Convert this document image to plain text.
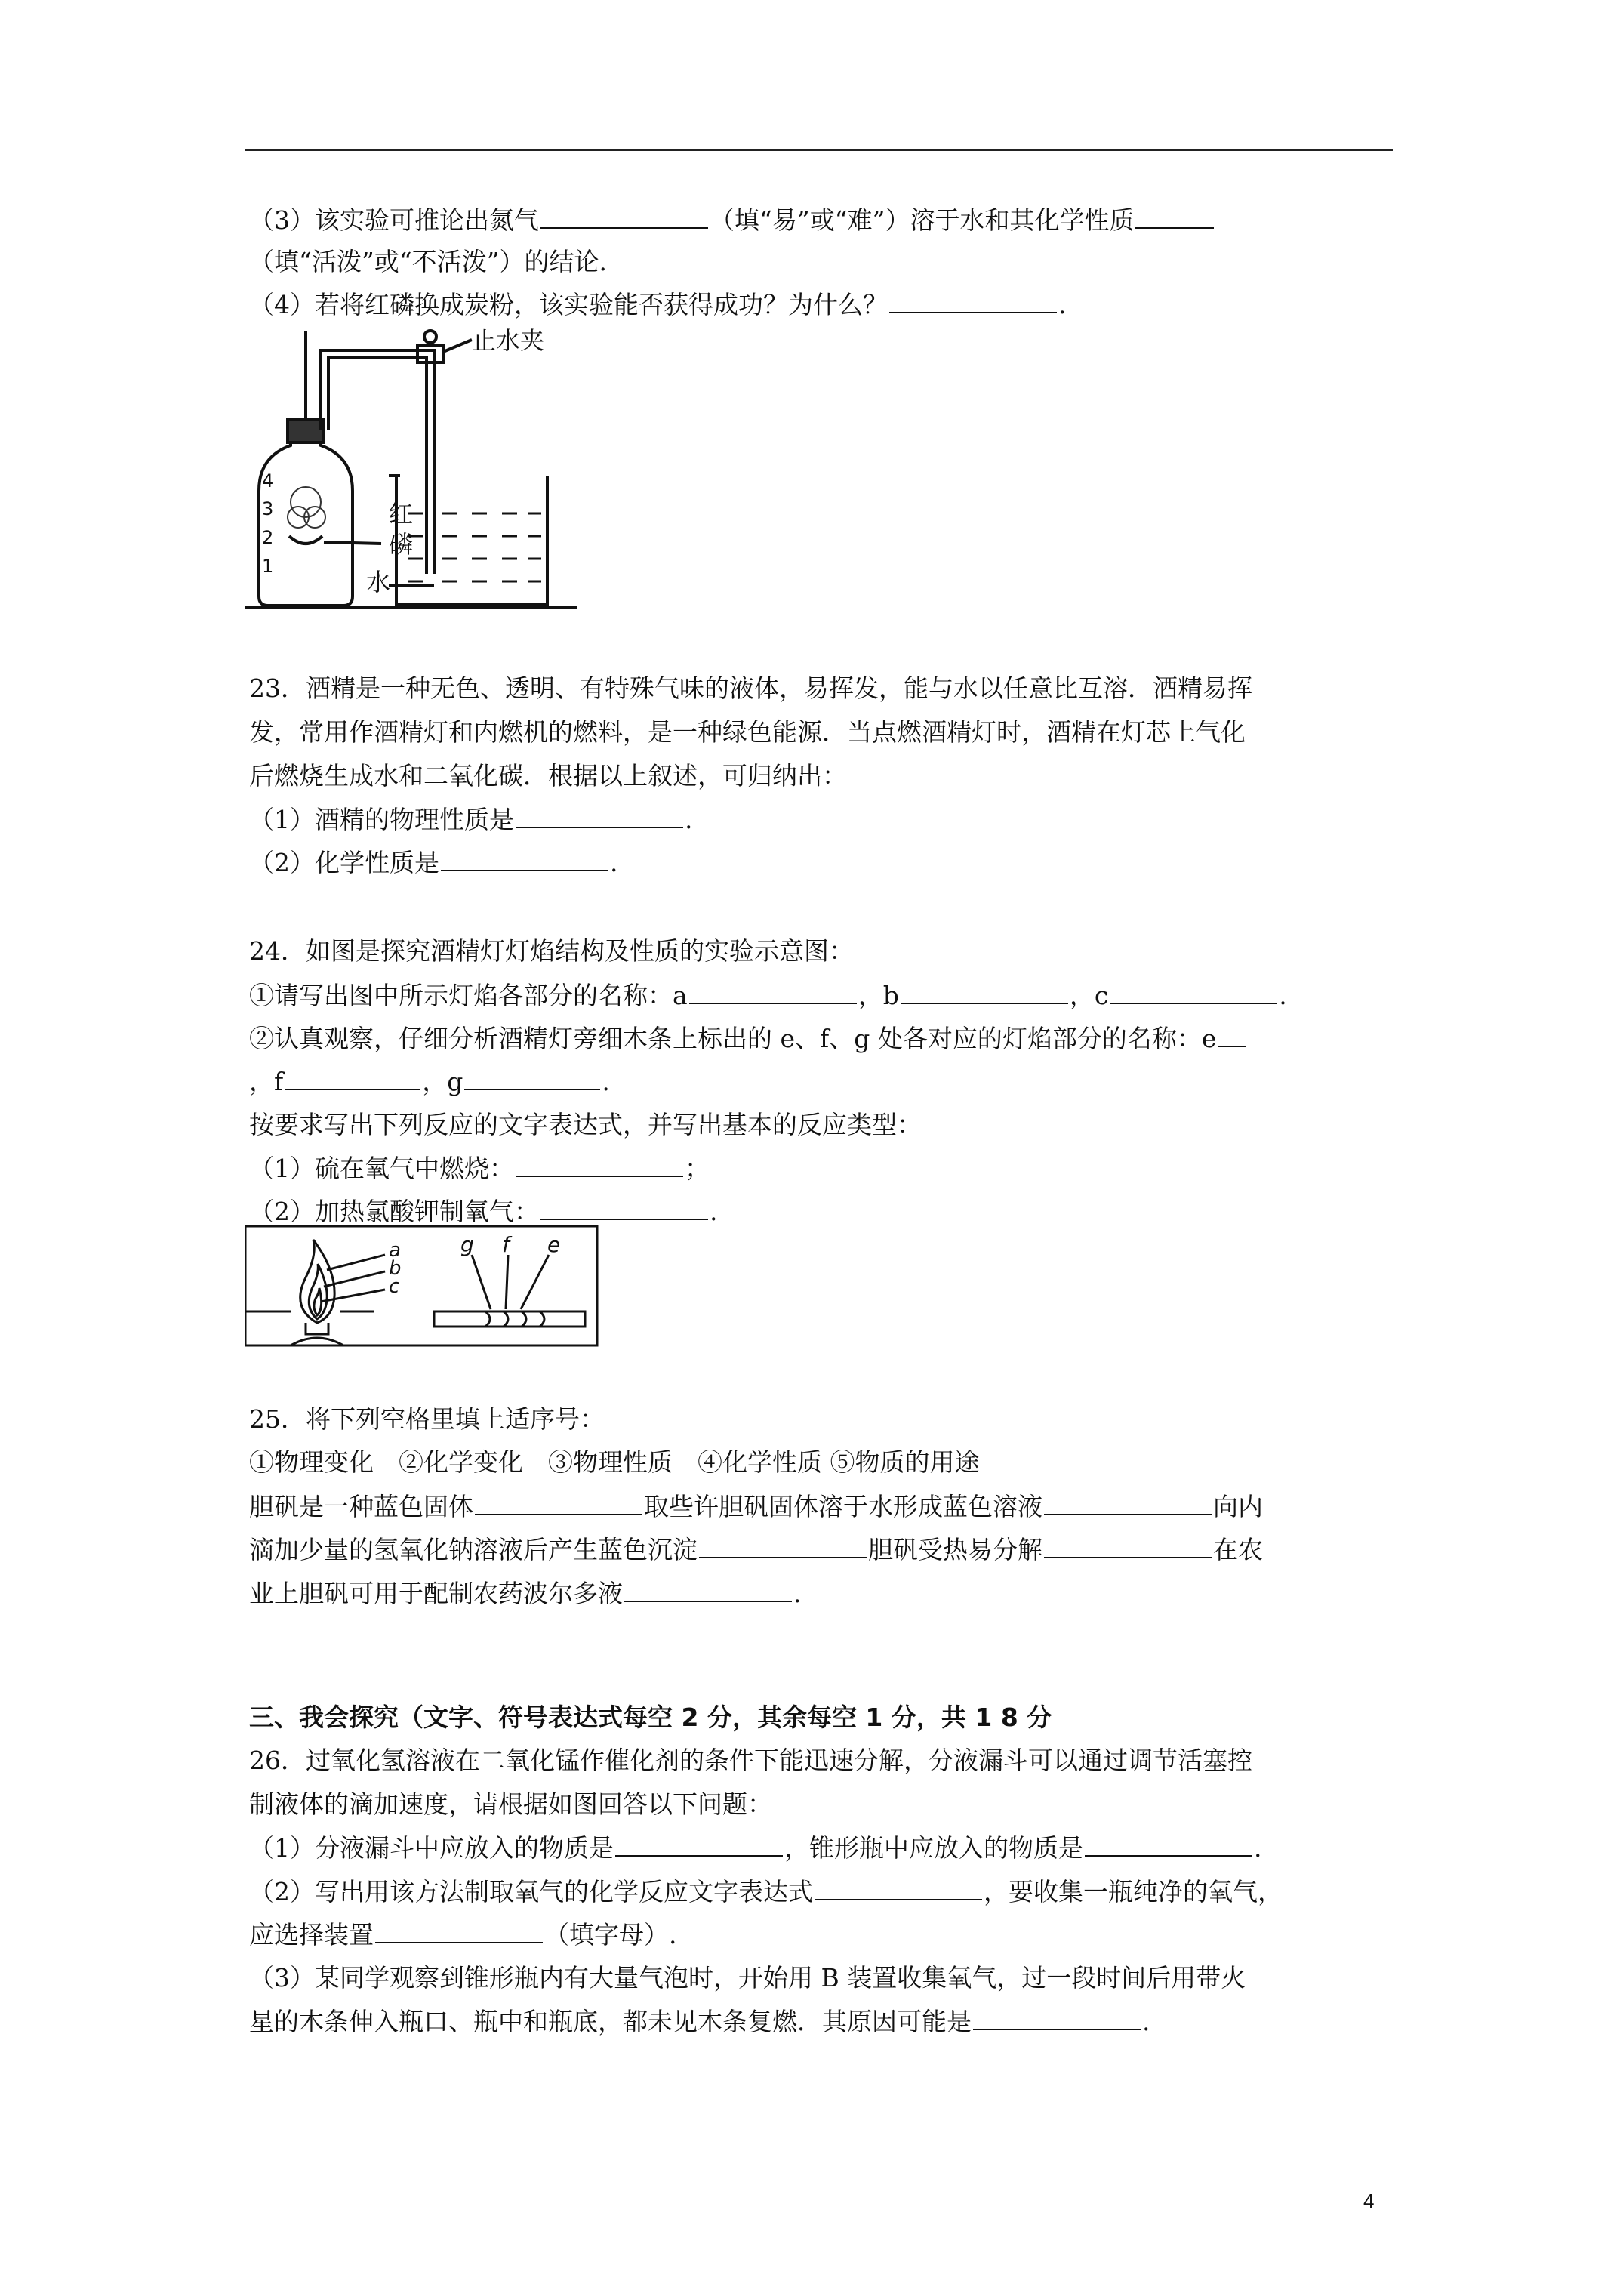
（3）该实验可推论出氮气	（填“易”或“难”）溶于水和其化学性质
（填“活泼”或“不活泼”）的结论.
（4）若将红磷换成炭粉，该实验能否获得成功？为什么？	.
止水夹
红
磷
水
4
3
2
1
23．酒精是一种无色、透明、有特殊气味的液体，易挥发，能与水以任意比互溶．酒精易挥
发，常用作酒精灯和内燃机的燃料，是一种绿色能源．当点燃酒精灯时，酒精在灯芯上气化
后燃烧生成水和二氧化碳．根据以上叙述，可归纳出：
（1）酒精的物理性质是	.
（2）化学性质是	.
24．如图是探究酒精灯灯焰结构及性质的实验示意图：
①请写出图中所示灯焰各部分的名称：a	，b	，c	.
②认真观察，仔细分析酒精灯旁细木条上标出的 e、f、g 处各对应的灯焰部分的名称：e
，f	，g	.
按要求写出下列反应的文字表达式，并写出基本的反应类型：
（1）硫在氧气中燃烧：	；
（2）加热氯酸钾制氧气：	.
a
b
c
g f e
25．将下列空格里填上适序号：
①物理变化　②化学变化　③物理性质　④化学性质 ⑤物质的用途
胆矾是一种蓝色固体	取些许胆矾固体溶于水形成蓝色溶液	向内
滴加少量的氢氧化钠溶液后产生蓝色沉淀	胆矾受热易分解	在农
业上胆矾可用于配制农药波尔多液	.
三、我会探究（文字、符号表达式每空 2 分，其余每空 1 分，共 1 8 分
26．过氧化氢溶液在二氧化锰作催化剂的条件下能迅速分解，分液漏斗可以通过调节活塞控
制液体的滴加速度，请根据如图回答以下问题：
（1）分液漏斗中应放入的物质是	，锥形瓶中应放入的物质是	.
（2）写出用该方法制取氧气的化学反应文字表达式	，要收集一瓶纯净的氧气，
应选择装置	（填字母）.
（3）某同学观察到锥形瓶内有大量气泡时，开始用 B 装置收集氧气，过一段时间后用带火
星的木条伸入瓶口、瓶中和瓶底，都未见木条复燃．其原因可能是	.
4
